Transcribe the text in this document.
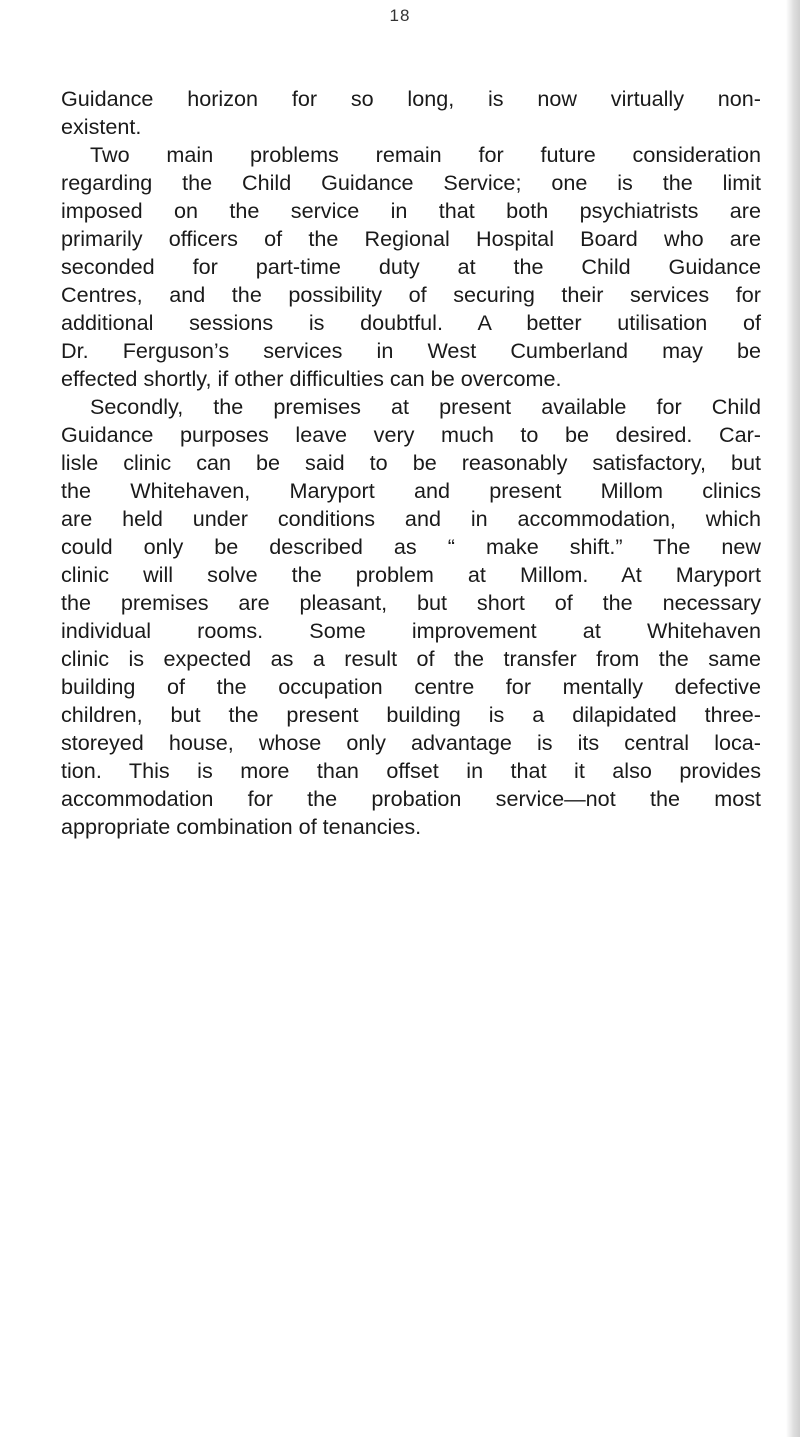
18

Guidance horizon for so long, is now virtually non-
existent.

Two main problems remain for future consideration
regarding the Child Guidance Service; one is the limit
imposed on the service in that both psychiatrists are
primarily officers of the Regional Hospital Board who are
seconded for part-time duty at the Child Guidance
Centres, and the possibility of securing their services for
additional sessions is doubtful. A better utilisation of
Dr. Ferguson’s services in West Cumberland may be
effected shortly, if other difficulties can be overcome.

Secondly, the premises at present available for Child
Guidance purposes leave very much to be desired. Car-
lisle clinic can be said to be reasonably satisfactory, but
the Whitehaven, Maryport and present Millom clinics
are held under conditions and in accommodation, which
could only be described as “ make shift.” The new
clinic will solve the problem at Millom. At Maryport
the premises are pleasant, but short of the necessary
individual rooms. Some improvement at Whitehaven
clinic is expected as a result of the transfer from the same
building of the occupation centre for mentally defective
children, but the present building is a dilapidated three-
storeyed house, whose only advantage is its central loca-
tion. This is more than offset in that it also provides
accommodation for the probation service—not the most
appropriate combination of tenancies.
